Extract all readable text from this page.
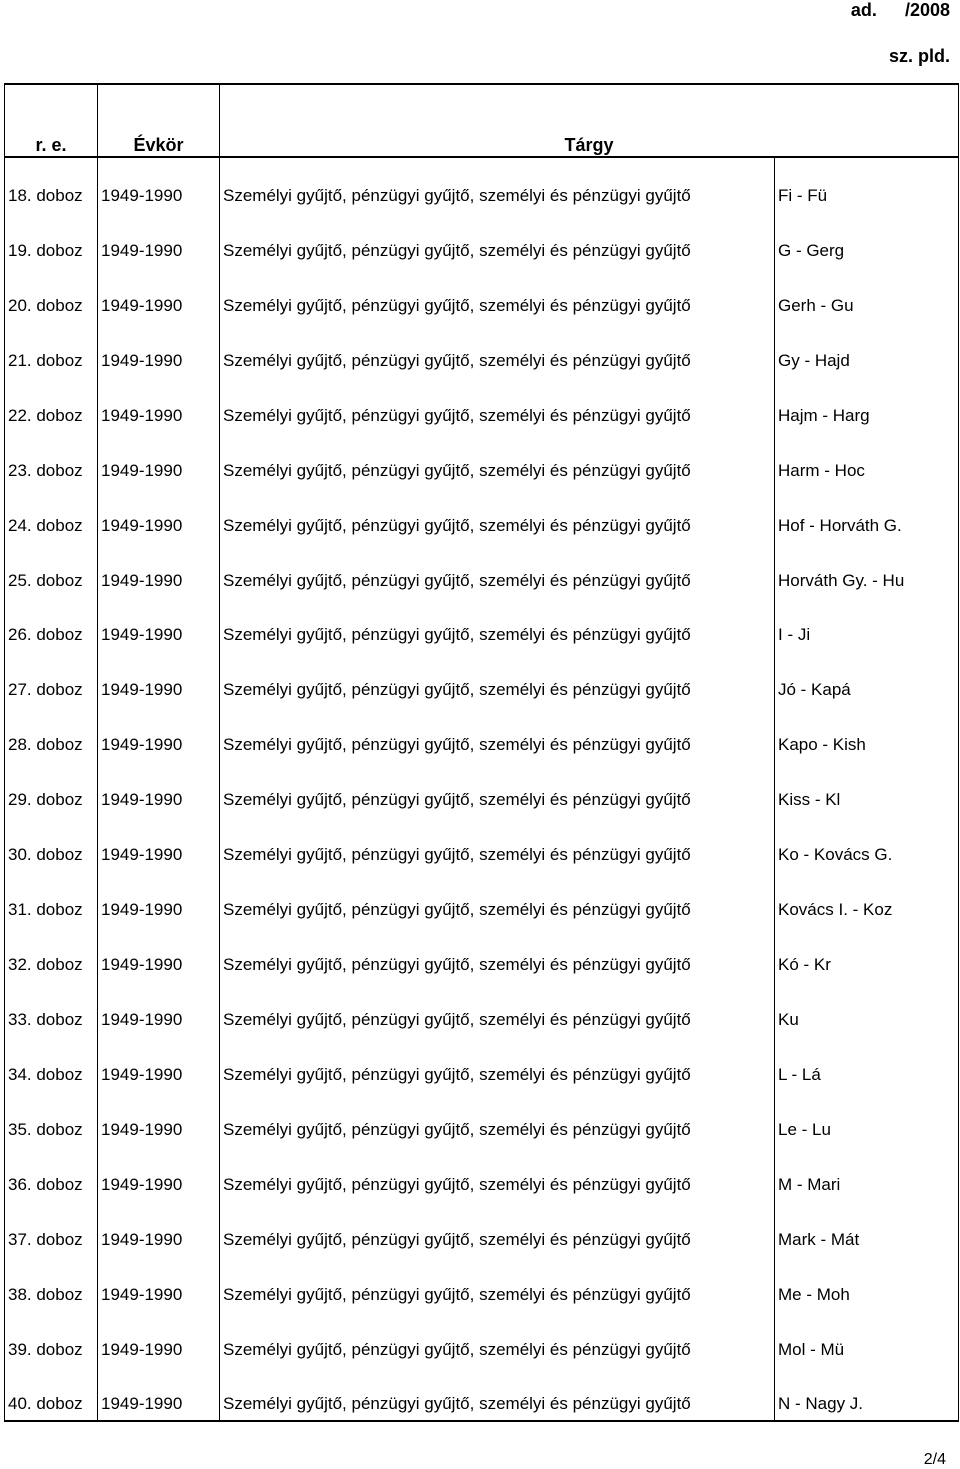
ad. /2008
sz. pld.
r. e.	Évkör	Tárgy	
18. doboz	1949-1990	Személyi gyűjtő, pénzügyi gyűjtő, személyi és pénzügyi gyűjtő	Fi - Fü
19. doboz	1949-1990	Személyi gyűjtő, pénzügyi gyűjtő, személyi és pénzügyi gyűjtő	G - Gerg
20. doboz	1949-1990	Személyi gyűjtő, pénzügyi gyűjtő, személyi és pénzügyi gyűjtő	Gerh - Gu
21. doboz	1949-1990	Személyi gyűjtő, pénzügyi gyűjtő, személyi és pénzügyi gyűjtő	Gy - Hajd
22. doboz	1949-1990	Személyi gyűjtő, pénzügyi gyűjtő, személyi és pénzügyi gyűjtő	Hajm - Harg
23. doboz	1949-1990	Személyi gyűjtő, pénzügyi gyűjtő, személyi és pénzügyi gyűjtő	Harm - Hoc
24. doboz	1949-1990	Személyi gyűjtő, pénzügyi gyűjtő, személyi és pénzügyi gyűjtő	Hof - Horváth G.
25. doboz	1949-1990	Személyi gyűjtő, pénzügyi gyűjtő, személyi és pénzügyi gyűjtő	Horváth Gy. - Hu
26. doboz	1949-1990	Személyi gyűjtő, pénzügyi gyűjtő, személyi és pénzügyi gyűjtő	I - Ji
27. doboz	1949-1990	Személyi gyűjtő, pénzügyi gyűjtő, személyi és pénzügyi gyűjtő	Jó - Kapá
28. doboz	1949-1990	Személyi gyűjtő, pénzügyi gyűjtő, személyi és pénzügyi gyűjtő	Kapo - Kish
29. doboz	1949-1990	Személyi gyűjtő, pénzügyi gyűjtő, személyi és pénzügyi gyűjtő	Kiss - Kl
30. doboz	1949-1990	Személyi gyűjtő, pénzügyi gyűjtő, személyi és pénzügyi gyűjtő	Ko - Kovács G.
31. doboz	1949-1990	Személyi gyűjtő, pénzügyi gyűjtő, személyi és pénzügyi gyűjtő	Kovács I. - Koz
32. doboz	1949-1990	Személyi gyűjtő, pénzügyi gyűjtő, személyi és pénzügyi gyűjtő	Kó - Kr
33. doboz	1949-1990	Személyi gyűjtő, pénzügyi gyűjtő, személyi és pénzügyi gyűjtő	Ku
34. doboz	1949-1990	Személyi gyűjtő, pénzügyi gyűjtő, személyi és pénzügyi gyűjtő	L - Lá
35. doboz	1949-1990	Személyi gyűjtő, pénzügyi gyűjtő, személyi és pénzügyi gyűjtő	Le - Lu
36. doboz	1949-1990	Személyi gyűjtő, pénzügyi gyűjtő, személyi és pénzügyi gyűjtő	M - Mari
37. doboz	1949-1990	Személyi gyűjtő, pénzügyi gyűjtő, személyi és pénzügyi gyűjtő	Mark - Mát
38. doboz	1949-1990	Személyi gyűjtő, pénzügyi gyűjtő, személyi és pénzügyi gyűjtő	Me - Moh
39. doboz	1949-1990	Személyi gyűjtő, pénzügyi gyűjtő, személyi és pénzügyi gyűjtő	Mol - Mü
40. doboz	1949-1990	Személyi gyűjtő, pénzügyi gyűjtő, személyi és pénzügyi gyűjtő	N - Nagy J.
2/4
